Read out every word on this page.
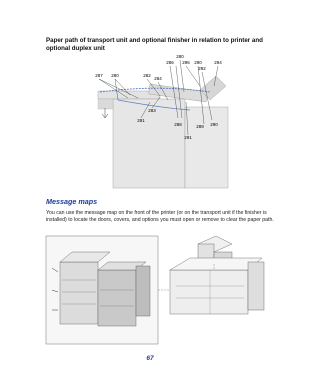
Paper path of transport unit and optional finisher in relation to printer and optional duplex unit
280
286 296 290	294
292
287 280	282
284
283
281
288	289 290
291
Message maps
You can use the message map on the front of the printer (or on the transport unit if the finisher is installed) to locate the doors, covers, and options you must open or remove to clear the paper path.
67
